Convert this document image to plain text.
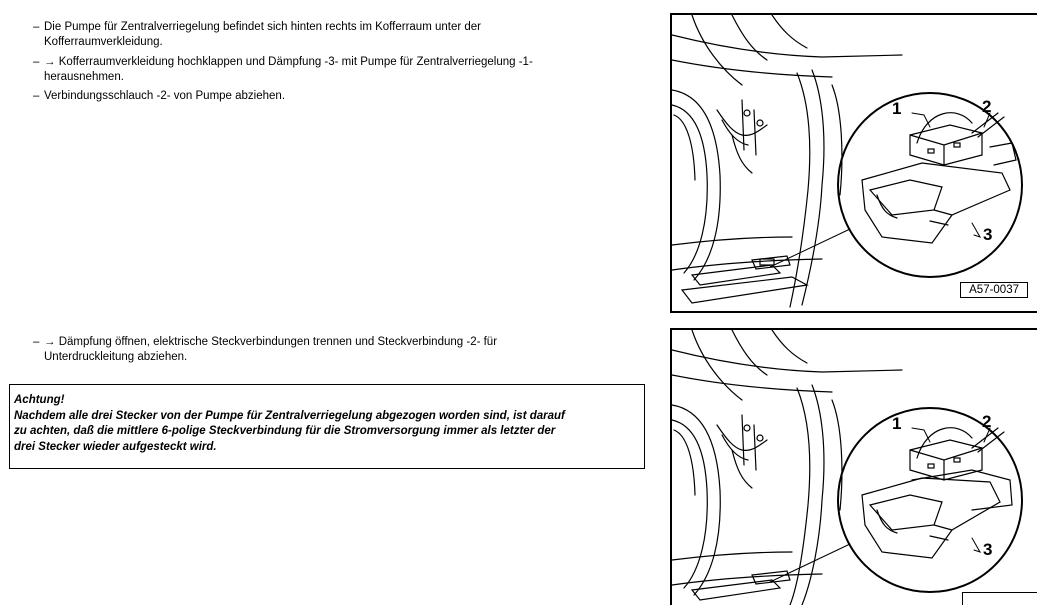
– Die Pumpe für Zentralverriegelung befindet sich hinten rechts im Kofferraum unter der
Kofferraumverkleidung.
– → Kofferraumverkleidung hochklappen und Dämpfung -3- mit Pumpe für Zentralverriegelung -1-
herausnehmen.
– Verbindungsschlauch -2- von Pumpe abziehen.
– → Dämpfung öffnen, elektrische Steckverbindungen trennen und Steckverbindung -2- für
Unterdruckleitung abziehen.
Achtung!
Nachdem alle drei Stecker von der Pumpe für Zentralverriegelung abgezogen worden sind, ist darauf
zu achten, daß die mittlere 6-polige Steckverbindung für die Stromversorgung immer als letzter der
drei Stecker wieder aufgesteckt wird.
1	2
3
A57-0037
1	2
3
